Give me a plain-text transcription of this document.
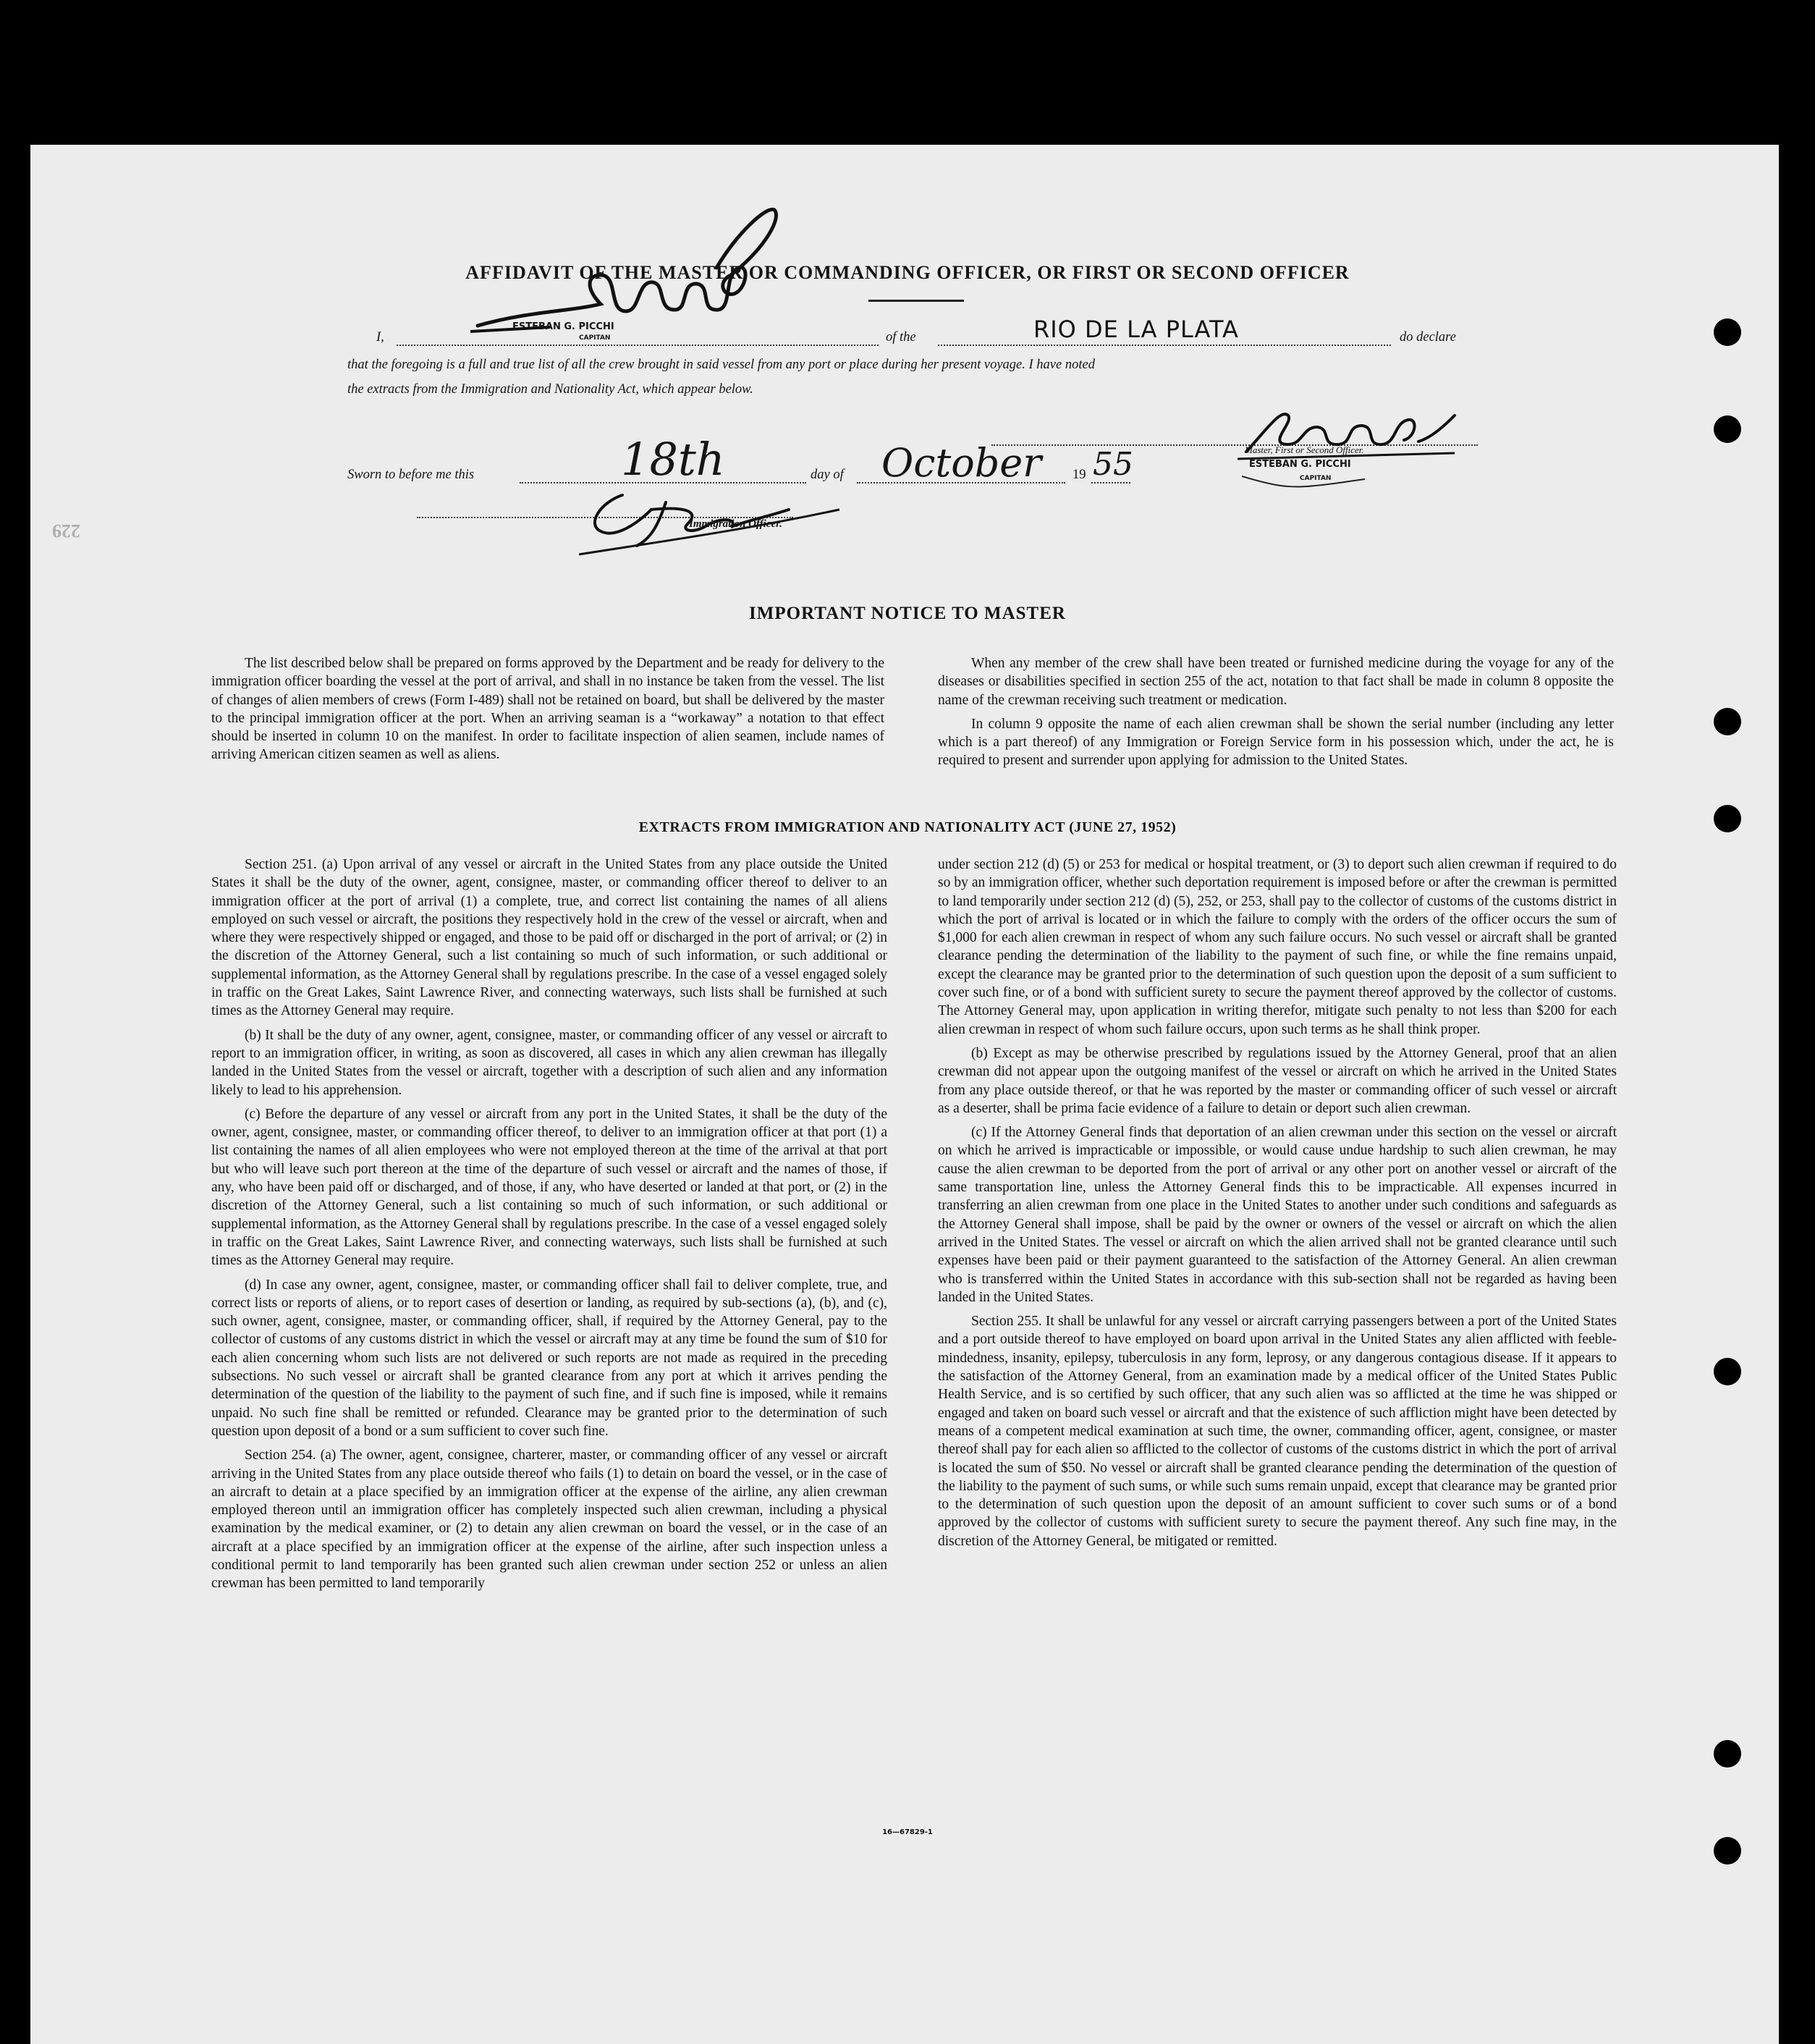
229
AFFIDAVIT OF THE MASTER OR COMMANDING OFFICER, OR FIRST OR SECOND OFFICER
I,	of the	do declare
RIO DE LA PLATA
ESTEBAN G. PICCHI
CAPITAN
that the foregoing is a full and true list of all the crew brought in said vessel from any port or place during her present voyage. I have noted
the extracts from the Immigration and Nationality Act, which appear below.
Master, First or Second Officer.
ESTEBAN G. PICCHI
CAPITAN
Sworn to before me this	18th	day of October 19 55
Immigration Officer.
IMPORTANT NOTICE TO MASTER

The list described below shall be prepared on forms approved by the Department and be ready for delivery to the immigration officer boarding the vessel at the port of arrival, and shall in no instance be taken from the vessel. The list of changes of alien members of crews (Form I-489) shall not be retained on board, but shall be delivered by the master to the principal immigration officer at the port. When an arriving seaman is a “workaway” a notation to that effect should be inserted in column 10 on the manifest. In order to facilitate inspection of alien seamen, include names of arriving American citizen seamen as well as aliens.

When any member of the crew shall have been treated or furnished medicine during the voyage for any of the diseases or disabilities specified in section 255 of the act, notation to that fact shall be made in column 8 opposite the name of the crewman receiving such treatment or medication.

In column 9 opposite the name of each alien crewman shall be shown the serial number (including any letter which is a part thereof) of any Immigration or Foreign Service form in his possession which, under the act, he is required to present and surrender upon applying for admission to the United States.

EXTRACTS FROM IMMIGRATION AND NATIONALITY ACT (JUNE 27, 1952)

Section 251. (a) Upon arrival of any vessel or aircraft in the United States from any place outside the United States it shall be the duty of the owner, agent, consignee, master, or commanding officer thereof to deliver to an immigration officer at the port of arrival (1) a complete, true, and correct list containing the names of all aliens employed on such vessel or aircraft, the positions they respectively hold in the crew of the vessel or aircraft, when and where they were respectively shipped or engaged, and those to be paid off or discharged in the port of arrival; or (2) in the discretion of the Attorney General, such a list containing so much of such information, or such additional or supplemental information, as the Attorney General shall by regulations prescribe. In the case of a vessel engaged solely in traffic on the Great Lakes, Saint Lawrence River, and connecting waterways, such lists shall be furnished at such times as the Attorney General may require.

(b) It shall be the duty of any owner, agent, consignee, master, or commanding officer of any vessel or aircraft to report to an immigration officer, in writing, as soon as discovered, all cases in which any alien crewman has illegally landed in the United States from the vessel or aircraft, together with a description of such alien and any information likely to lead to his apprehension.

(c) Before the departure of any vessel or aircraft from any port in the United States, it shall be the duty of the owner, agent, consignee, master, or commanding officer thereof, to deliver to an immigration officer at that port (1) a list containing the names of all alien employees who were not employed thereon at the time of the arrival at that port but who will leave such port thereon at the time of the departure of such vessel or aircraft and the names of those, if any, who have been paid off or discharged, and of those, if any, who have deserted or landed at that port, or (2) in the discretion of the Attorney General, such a list containing so much of such information, or such additional or supplemental information, as the Attorney General shall by regulations prescribe. In the case of a vessel engaged solely in traffic on the Great Lakes, Saint Lawrence River, and connecting waterways, such lists shall be furnished at such times as the Attorney General may require.

(d) In case any owner, agent, consignee, master, or commanding officer shall fail to deliver complete, true, and correct lists or reports of aliens, or to report cases of desertion or landing, as required by sub-sections (a), (b), and (c), such owner, agent, consignee, master, or commanding officer, shall, if required by the Attorney General, pay to the collector of customs of any customs district in which the vessel or aircraft may at any time be found the sum of $10 for each alien concerning whom such lists are not delivered or such reports are not made as required in the preceding subsections. No such vessel or aircraft shall be granted clearance from any port at which it arrives pending the determination of the question of the liability to the payment of such fine, and if such fine is imposed, while it remains unpaid. No such fine shall be remitted or refunded. Clearance may be granted prior to the determination of such question upon deposit of a bond or a sum sufficient to cover such fine.

Section 254. (a) The owner, agent, consignee, charterer, master, or commanding officer of any vessel or aircraft arriving in the United States from any place outside thereof who fails (1) to detain on board the vessel, or in the case of an aircraft to detain at a place specified by an immigration officer at the expense of the airline, any alien crewman employed thereon until an immigration officer has completely inspected such alien crewman, including a physical examination by the medical examiner, or (2) to detain any alien crewman on board the vessel, or in the case of an aircraft at a place specified by an immigration officer at the expense of the airline, after such inspection unless a conditional permit to land temporarily has been granted such alien crewman under section 252 or unless an alien crewman has been permitted to land temporarily

under section 212 (d) (5) or 253 for medical or hospital treatment, or (3) to deport such alien crewman if required to do so by an immigration officer, whether such deportation requirement is imposed before or after the crewman is permitted to land temporarily under section 212 (d) (5), 252, or 253, shall pay to the collector of customs of the customs district in which the port of arrival is located or in which the failure to comply with the orders of the officer occurs the sum of $1,000 for each alien crewman in respect of whom any such failure occurs. No such vessel or aircraft shall be granted clearance pending the determination of the liability to the payment of such fine, or while the fine remains unpaid, except the clearance may be granted prior to the determination of such question upon the deposit of a sum sufficient to cover such fine, or of a bond with sufficient surety to secure the payment thereof approved by the collector of customs. The Attorney General may, upon application in writing therefor, mitigate such penalty to not less than $200 for each alien crewman in respect of whom such failure occurs, upon such terms as he shall think proper.

(b) Except as may be otherwise prescribed by regulations issued by the Attorney General, proof that an alien crewman did not appear upon the outgoing manifest of the vessel or aircraft on which he arrived in the United States from any place outside thereof, or that he was reported by the master or commanding officer of such vessel or aircraft as a deserter, shall be prima facie evidence of a failure to detain or deport such alien crewman.

(c) If the Attorney General finds that deportation of an alien crewman under this section on the vessel or aircraft on which he arrived is impracticable or impossible, or would cause undue hardship to such alien crewman, he may cause the alien crewman to be deported from the port of arrival or any other port on another vessel or aircraft of the same transportation line, unless the Attorney General finds this to be impracticable. All expenses incurred in transferring an alien crewman from one place in the United States to another under such conditions and safeguards as the Attorney General shall impose, shall be paid by the owner or owners of the vessel or aircraft on which the alien arrived in the United States. The vessel or aircraft on which the alien arrived shall not be granted clearance until such expenses have been paid or their payment guaranteed to the satisfaction of the Attorney General. An alien crewman who is transferred within the United States in accordance with this sub-section shall not be regarded as having been landed in the United States.

Section 255. It shall be unlawful for any vessel or aircraft carrying passengers between a port of the United States and a port outside thereof to have employed on board upon arrival in the United States any alien afflicted with feeble-mindedness, insanity, epilepsy, tuberculosis in any form, leprosy, or any dangerous contagious disease. If it appears to the satisfaction of the Attorney General, from an examination made by a medical officer of the United States Public Health Service, and is so certified by such officer, that any such alien was so afflicted at the time he was shipped or engaged and taken on board such vessel or aircraft and that the existence of such affliction might have been detected by means of a competent medical examination at such time, the owner, commanding officer, agent, consignee, or master thereof shall pay for each alien so afflicted to the collector of customs of the customs district in which the port of arrival is located the sum of $50. No vessel or aircraft shall be granted clearance pending the determination of the question of the liability to the payment of such sums, or while such sums remain unpaid, except that clearance may be granted prior to the determination of such question upon the deposit of an amount sufficient to cover such sums or of a bond approved by the collector of customs with sufficient surety to secure the payment thereof. Any such fine may, in the discretion of the Attorney General, be mitigated or remitted.

16—67829-1
